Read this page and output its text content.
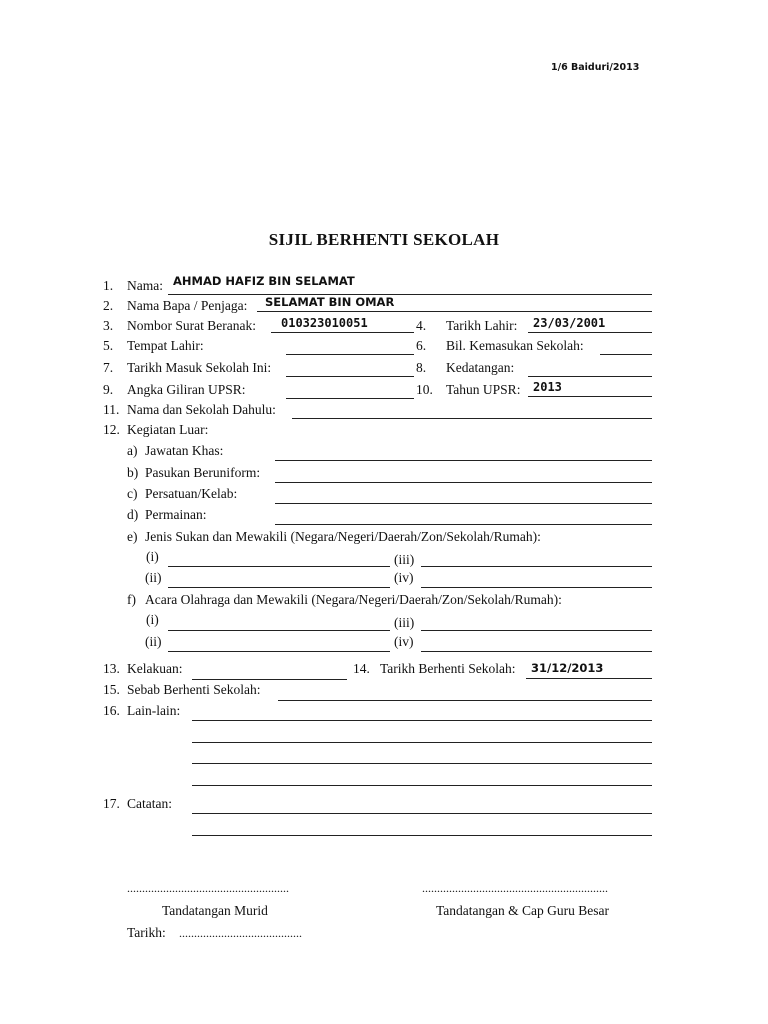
1/6 Baiduri/2013
SIJIL BERHENTI SEKOLAH
1. Nama: AHMAD HAFIZ BIN SELAMAT
2. Nama Bapa / Penjaga: SELAMAT BIN OMAR
3. Nombor Surat Beranak: 010323010051	4. Tarikh Lahir: 23/03/2001
5. Tempat Lahir:	6. Bil. Kemasukan Sekolah:
7. Tarikh Masuk Sekolah Ini:	8. Kedatangan:
9. Angka Giliran UPSR:	10. Tahun UPSR: 2013
11. Nama dan Sekolah Dahulu:
12. Kegiatan Luar:
a) Jawatan Khas:
b) Pasukan Beruniform:
c) Persatuan/Kelab:
d) Permainan:
e) Jenis Sukan dan Mewakili (Negara/Negeri/Daerah/Zon/Sekolah/Rumah):
(i)	(iii)
(ii)	(iv)
f) Acara Olahraga dan Mewakili (Negara/Negeri/Daerah/Zon/Sekolah/Rumah):
(i)	(iii)
(ii)	(iv)
13. Kelakuan:	14. Tarikh Berhenti Sekolah: 31/12/2013
15. Sebab Berhenti Sekolah:
16. Lain-lain:
17. Catatan:
......................................................	..............................................................
Tandatangan Murid	Tandatangan & Cap Guru Besar
Tarikh: .........................................
